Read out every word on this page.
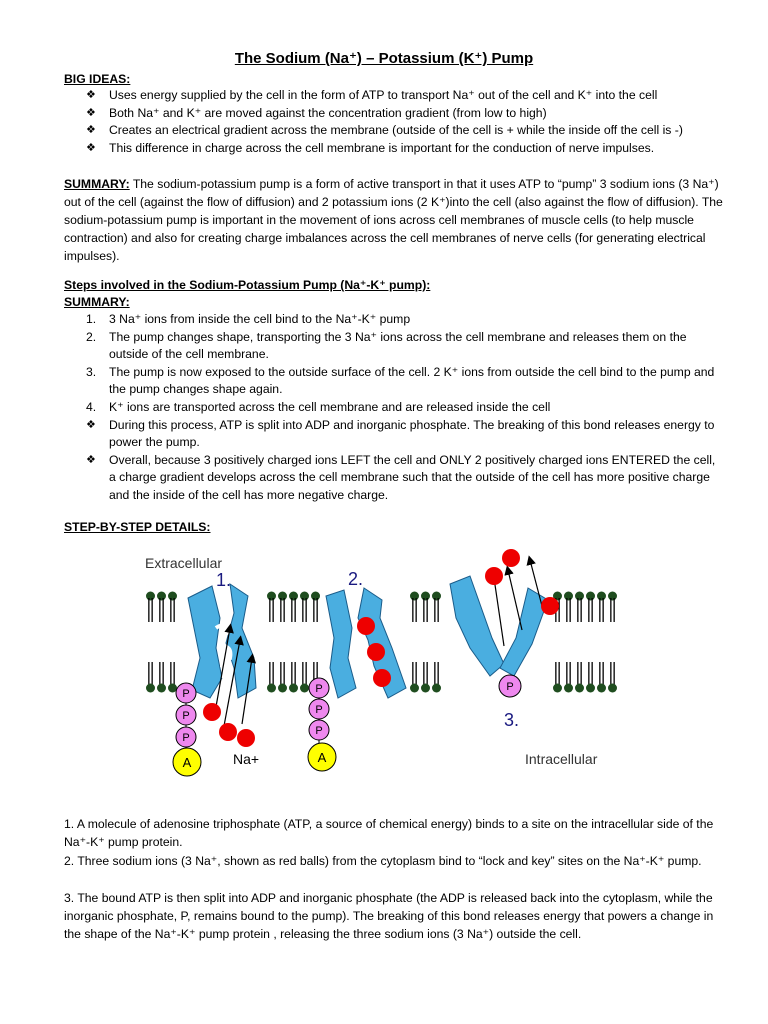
The Sodium (Na⁺) – Potassium (K⁺) Pump
BIG IDEAS:
❖ Uses energy supplied by the cell in the form of ATP to transport Na⁺ out of the cell and K⁺ into the cell
❖ Both Na⁺ and K⁺ are moved against the concentration gradient (from low to high)
❖ Creates an electrical gradient across the membrane (outside of the cell is + while the inside off the cell is -)
❖ This difference in charge across the cell membrane is important for the conduction of nerve impulses.
SUMMARY: The sodium-potassium pump is a form of active transport in that it uses ATP to “pump” 3 sodium ions (3 Na⁺) out of the cell (against the flow of diffusion) and 2 potassium ions (2 K⁺)into the cell (also against the flow of diffusion). The sodium-potassium pump is important in the movement of ions across cell membranes of muscle cells (to help muscle contraction) and also for creating charge imbalances across the cell membranes of nerve cells (for generating electrical impulses).
Steps involved in the Sodium-Potassium Pump (Na⁺-K⁺ pump):
SUMMARY:
1. 3 Na⁺ ions from inside the cell bind to the Na⁺-K⁺ pump
2. The pump changes shape, transporting the 3 Na⁺ ions across the cell membrane and releases them on the outside of the cell membrane.
3. The pump is now exposed to the outside surface of the cell. 2 K⁺ ions from outside the cell bind to the pump and the pump changes shape again.
4. K⁺ ions are transported across the cell membrane and are released inside the cell
❖ During this process, ATP is split into ADP and inorganic phosphate. The breaking of this bond releases energy to power the pump.
❖ Overall, because 3 positively charged ions LEFT the cell and ONLY 2 positively charged ions ENTERED the cell, a charge gradient develops across the cell membrane such that the outside of the cell has more positive charge and the inside of the cell has more negative charge.
STEP-BY-STEP DETAILS:
P
P
P
A
P
P
P
A
P
Extracellular
Intracellular
Na+
1.	2.
3.
1. A molecule of adenosine triphosphate (ATP, a source of chemical energy) binds to a site on the intracellular side of the Na⁺-K⁺ pump protein.
2. Three sodium ions (3 Na⁺, shown as red balls) from the cytoplasm bind to “lock and key” sites on the Na⁺-K⁺ pump.
3. The bound ATP is then split into ADP and inorganic phosphate (the ADP is released back into the cytoplasm, while the inorganic phosphate, P, remains bound to the pump). The breaking of this bond releases energy that powers a change in the shape of the Na⁺-K⁺ pump protein , releasing the three sodium ions (3 Na⁺) outside the cell.
